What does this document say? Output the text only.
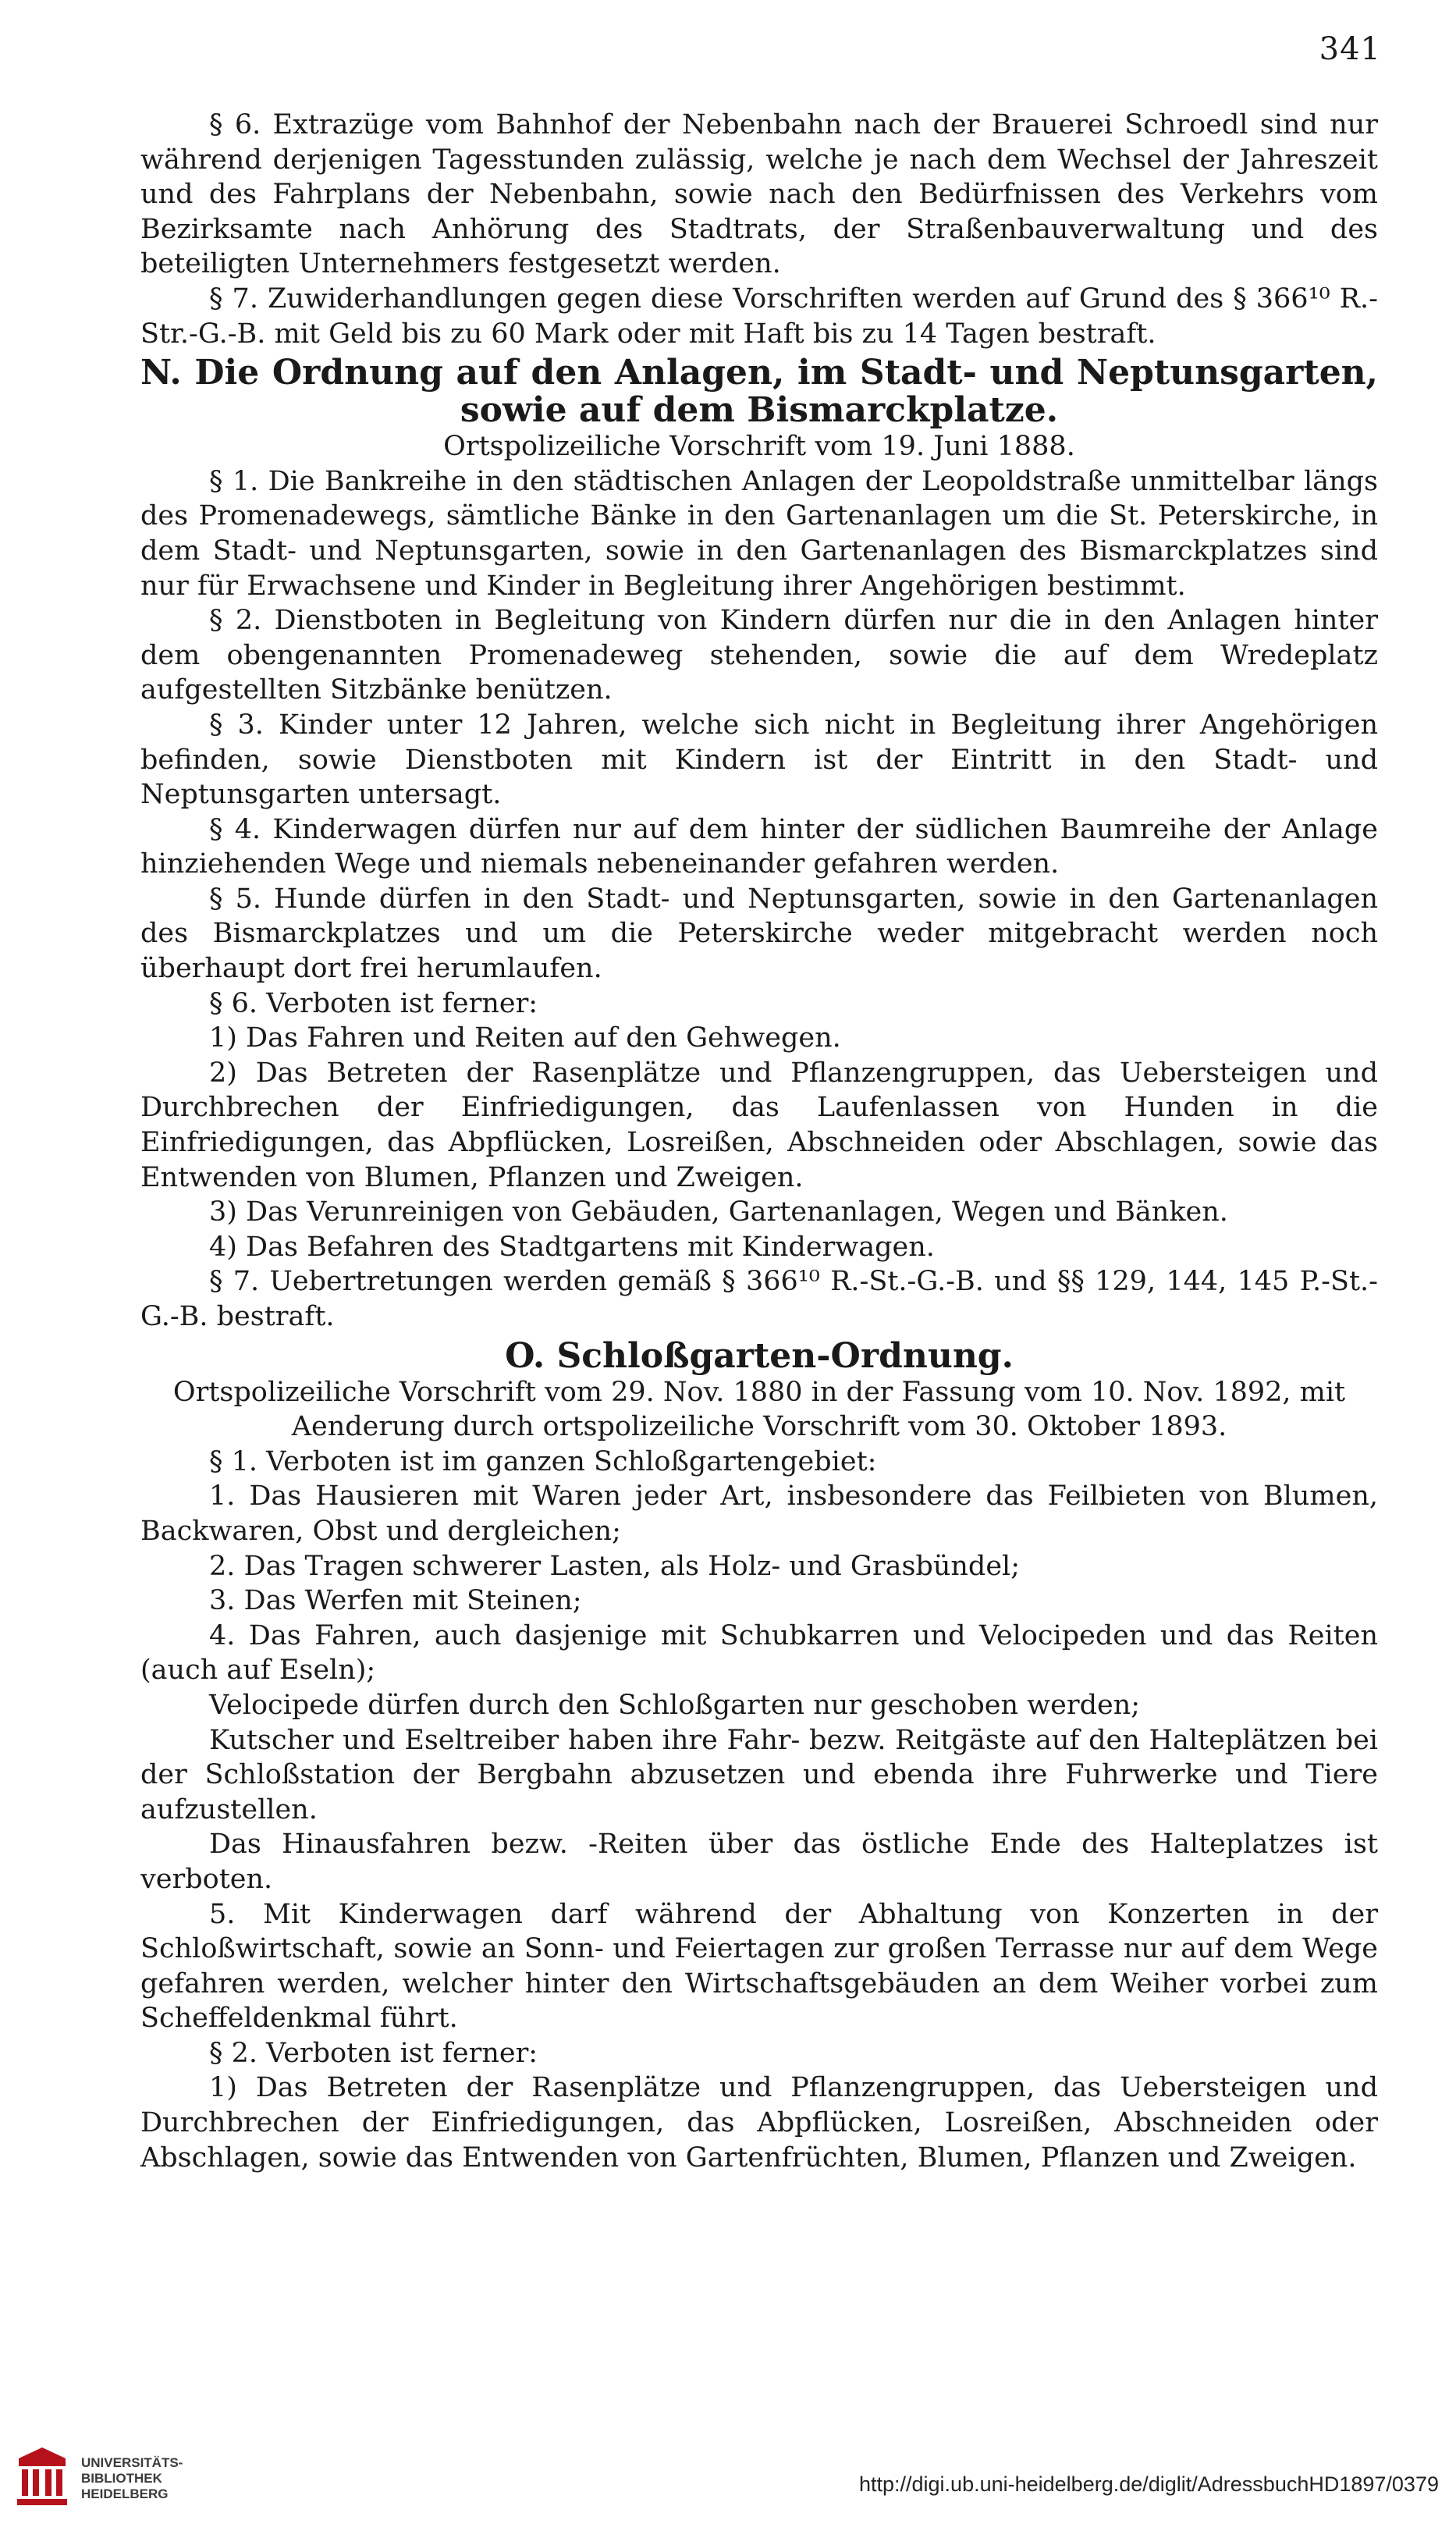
341

§ 6. Extrazüge vom Bahnhof der Nebenbahn nach der Brauerei Schroedl sind nur während derjenigen Tagesstunden zulässig, welche je nach dem Wechsel der Jahreszeit und des Fahrplans der Nebenbahn, sowie nach den Bedürfnissen des Verkehrs vom Bezirksamte nach Anhörung des Stadtrats, der Straßenbauverwaltung und des beteiligten Unternehmers festgesetzt werden.

§ 7. Zuwiderhandlungen gegen diese Vorschriften werden auf Grund des § 366¹⁰ R.-Str.-G.-B. mit Geld bis zu 60 Mark oder mit Haft bis zu 14 Tagen bestraft.

N. Die Ordnung auf den Anlagen, im Stadt- und Neptunsgarten, sowie auf dem Bismarckplatze.

Ortspolizeiliche Vorschrift vom 19. Juni 1888.

§ 1. Die Bankreihe in den städtischen Anlagen der Leopoldstraße unmittelbar längs des Promenadewegs, sämtliche Bänke in den Gartenanlagen um die St. Peterskirche, in dem Stadt- und Neptunsgarten, sowie in den Gartenanlagen des Bismarckplatzes sind nur für Erwachsene und Kinder in Begleitung ihrer Angehörigen bestimmt.

§ 2. Dienstboten in Begleitung von Kindern dürfen nur die in den Anlagen hinter dem obengenannten Promenadeweg stehenden, sowie die auf dem Wredeplatz aufgestellten Sitzbänke benützen.

§ 3. Kinder unter 12 Jahren, welche sich nicht in Begleitung ihrer Angehörigen befinden, sowie Dienstboten mit Kindern ist der Eintritt in den Stadt- und Neptunsgarten untersagt.

§ 4. Kinderwagen dürfen nur auf dem hinter der südlichen Baumreihe der Anlage hinziehenden Wege und niemals nebeneinander gefahren werden.

§ 5. Hunde dürfen in den Stadt- und Neptunsgarten, sowie in den Gartenanlagen des Bismarckplatzes und um die Peterskirche weder mitgebracht werden noch überhaupt dort frei herumlaufen.

§ 6. Verboten ist ferner:

1) Das Fahren und Reiten auf den Gehwegen.

2) Das Betreten der Rasenplätze und Pflanzengruppen, das Uebersteigen und Durchbrechen der Einfriedigungen, das Laufenlassen von Hunden in die Einfriedigungen, das Abpflücken, Losreißen, Abschneiden oder Abschlagen, sowie das Entwenden von Blumen, Pflanzen und Zweigen.

3) Das Verunreinigen von Gebäuden, Gartenanlagen, Wegen und Bänken.

4) Das Befahren des Stadtgartens mit Kinderwagen.

§ 7. Uebertretungen werden gemäß § 366¹⁰ R.-St.-G.-B. und §§ 129, 144, 145 P.-St.-G.-B. bestraft.

O. Schloßgarten-Ordnung.

Ortspolizeiliche Vorschrift vom 29. Nov. 1880 in der Fassung vom 10. Nov. 1892, mit Aenderung durch ortspolizeiliche Vorschrift vom 30. Oktober 1893.

§ 1. Verboten ist im ganzen Schloßgartengebiet:

1. Das Hausieren mit Waren jeder Art, insbesondere das Feilbieten von Blumen, Backwaren, Obst und dergleichen;

2. Das Tragen schwerer Lasten, als Holz- und Grasbündel;

3. Das Werfen mit Steinen;

4. Das Fahren, auch dasjenige mit Schubkarren und Velocipeden und das Reiten (auch auf Eseln);

Velocipede dürfen durch den Schloßgarten nur geschoben werden;

Kutscher und Eseltreiber haben ihre Fahr- bezw. Reitgäste auf den Halteplätzen bei der Schloßstation der Bergbahn abzusetzen und ebenda ihre Fuhrwerke und Tiere aufzustellen.

Das Hinausfahren bezw. -Reiten über das östliche Ende des Halteplatzes ist verboten.

5. Mit Kinderwagen darf während der Abhaltung von Konzerten in der Schloßwirtschaft, sowie an Sonn- und Feiertagen zur großen Terrasse nur auf dem Wege gefahren werden, welcher hinter den Wirtschaftsgebäuden an dem Weiher vorbei zum Scheffeldenkmal führt.

§ 2. Verboten ist ferner:

1) Das Betreten der Rasenplätze und Pflanzengruppen, das Uebersteigen und Durchbrechen der Einfriedigungen, das Abpflücken, Losreißen, Abschneiden oder Abschlagen, sowie das Entwenden von Gartenfrüchten, Blumen, Pflanzen und Zweigen.

UNIVERSITÄTS-
BIBLIOTHEK
HEIDELBERG	http://digi.ub.uni-heidelberg.de/diglit/AdressbuchHD1897/0379
